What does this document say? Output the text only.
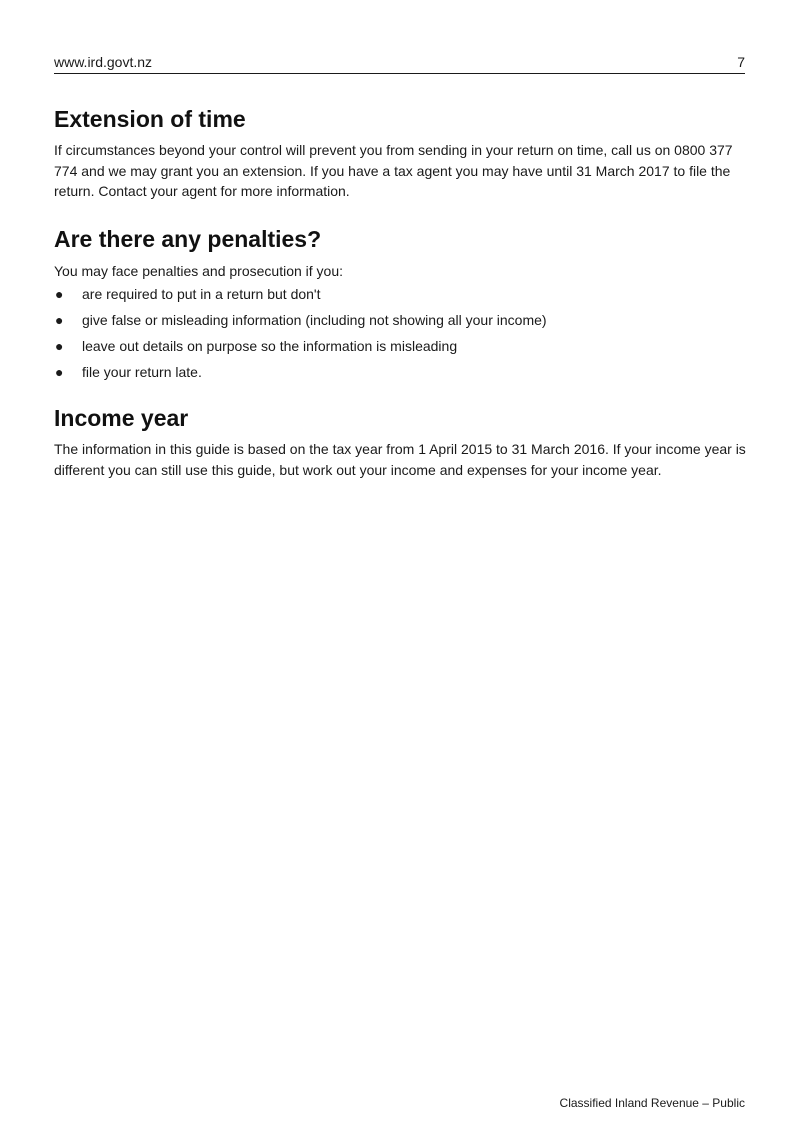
www.ird.govt.nz	7
Extension of time

If circumstances beyond your control will prevent you from sending in your return on time, call us on 0800 377 774 and we may grant you an extension. If you have a tax agent you may have until 31 March 2017 to file the return. Contact your agent for more information.

Are there any penalties?

You may face penalties and prosecution if you:

●	are required to put in a return but don't
●	give false or misleading information (including not showing all your income)
●	leave out details on purpose so the information is misleading
●	file your return late.
Income year

The information in this guide is based on the tax year from 1 April 2015 to 31 March 2016. If your income year is different you can still use this guide, but work out your income and expenses for your income year.

Classified Inland Revenue – Public
